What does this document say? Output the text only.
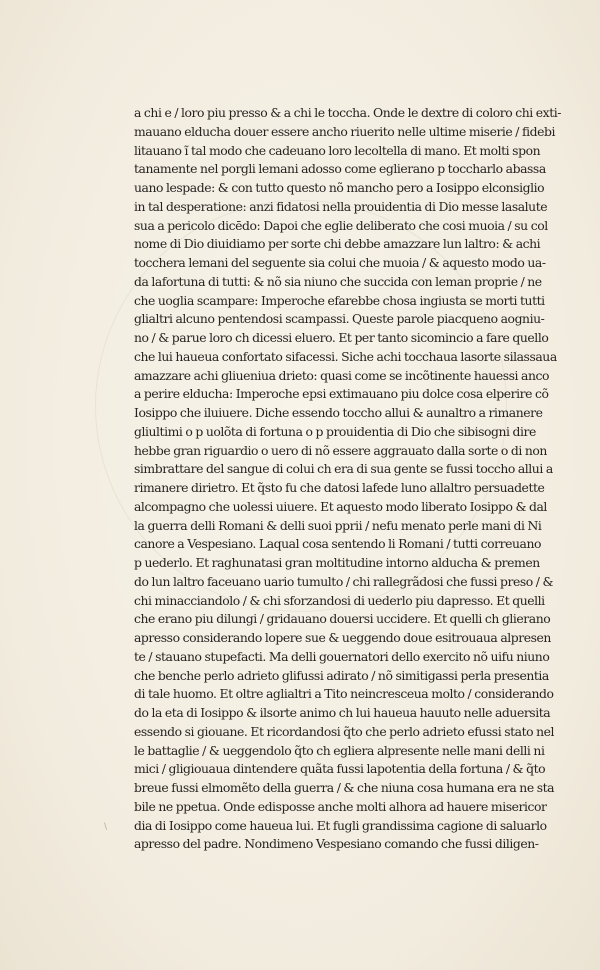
a chi e / loro piu presso & a chi le tocchа. Onde le dextre di coloro chi exti-
mauano elducha douer essere ancho riuerito nelle ultime miserie / fidebi
litauano ĩ tal modo che cadeuano loro lecoltella di mano. Et molti spon
tanamente nel porgli lemani adosso come eglierano p toccharlo abassa
uano lespade: & con tutto questo nõ mancho pero a Iosippo elconsiglio
in tal desperatione: anzi fidatosi nella prouidentia di Dio messe lasalute
sua a pericolo dicēdo: Dapoi che eglie deliberato che cosi muoia / su col
nome di Dio diuidiamo per sorte chi debbe amazzare lun laltro: & achi
tocchera lemani del seguente sia colui che muoia / & aquesto modo ua-
da lafortuna di tutti: & nõ sia niuno che succida con leman proprie / ne
che uoglia scampare: Imperoche efarebbe chosa ingiusta se morti tutti
glialtri alcuno pentendosi scampassi. Queste parole piacqueno aogniu-
no / & parue loro ch dicessi eluero. Et per tanto sicomincio a fare quello
che lui haueua confortato sifacessi. Siche achi tocchaua lasorte silassaua
amazzare achi gliueniua drieto: quasi come se incõtinente hauessi anco
a perire elducha: Imperoche epsi extimauano piu dolce cosa elperire cõ
Iosippo che iluiuere. Diche essendo toccho allui & aunaltro a rimanere
gliultimi o p uolõta di fortuna o p prouidentia di Dio che sibisogni dire
hebbe gran riguardio o uero di nõ essere aggrauato dalla sorte o di non
simbrattare del sangue di colui ch era di sua gente se fussi toccho allui a
rimanere dirietro. Et q̃sto fu che datosi lafede luno allaltro persuadette
alcompagno che uolessi uiuere. Et aquesto modo liberato Iosippo & dal
la guerra delli Romani & delli suoi pprii / nefu menato perle mani di Ni
canore a Vespesiano. Laqual cosa sentendo li Romani / tutti correuano
p uederlo. Et raghunatasi gran moltitudine intorno alducha & premen
do lun laltro faceuano uario tumulto / chi rallegrãdosi che fussi preso / &
chi minacciandolo / & chi sforzandosi di uederlo piu dapresso. Et quelli
che erano piu dilungi / gridauano douersi uccidere. Et quelli ch glierano
apresso considerando lopere sue & ueggendo doue esitrouaua alpresen
te / stauano stupefacti. Ma delli gouernatori dello exercito nõ uifu niuno
che benche perlo adrieto glifussi adirato / nõ simitigassi perla presentia
di tale huomo. Et oltre aglialtri a Tito neincresceua molto / considerando
do la eta di Iosippo & ilsorte animo ch lui haueua hauuto nelle aduersita
essendo si giouane. Et ricordandosi q̃to che perlo adrieto efussi stato nel
le battaglie / & ueggendolo q̃to ch egliera alpresente nelle mani delli ni
mici / gligiouaua dintendere quãta fussi lapotentia della fortuna / & q̃to
breue fussi elmomẽto della guerra / & che niuna cosa humana era ne sta
bile ne ppetua. Onde edisposse anche molti alhora ad hauere misericor
dia di Iosippo come haueua lui. Et fugli grandissima cagione di saluarlo
apresso del padre. Nondimeno Vespesiano comando che fussi diligen-
\
